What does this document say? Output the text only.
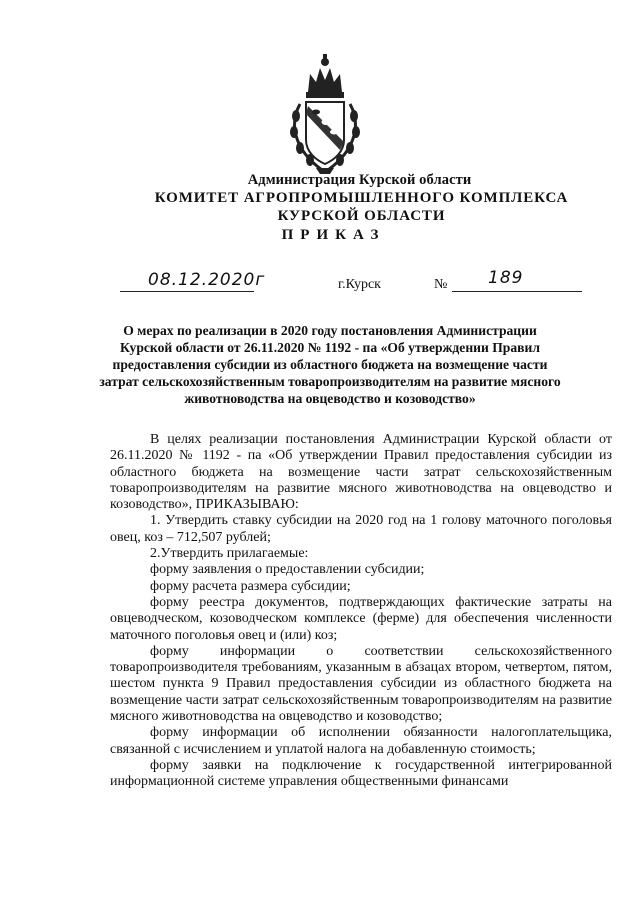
Администрация Курской области
КОМИТЕТ АГРОПРОМЫШЛЕННОГО КОМПЛЕКСА
КУРСКОЙ ОБЛАСТИ
ПРИКАЗ
08.12.2020г	г.Курск	№ 189
О мерах по реализации в 2020 году постановления Администрации Курской области от 26.11.2020 № 1192 - па «Об утверждении Правил предоставления субсидии из областного бюджета на возмещение части затрат сельскохозяйственным товаропроизводителям на развитие мясного животноводства на овцеводство и козоводство»

В целях реализации постановления Администрации Курской области от 26.11.2020 № 1192 - па «Об утверждении Правил предоставления субсидии из областного бюджета на возмещение части затрат сельскохозяйственным товаропроизводителям на развитие мясного животноводства на овцеводство и козоводство», ПРИКАЗЫВАЮ:

1. Утвердить ставку субсидии на 2020 год на 1 голову маточного поголовья овец, коз – 712,507 рублей;

2.Утвердить прилагаемые:

форму заявления о предоставлении субсидии;

форму расчета размера субсидии;

форму реестра документов, подтверждающих фактические затраты на овцеводческом, козоводческом комплексе (ферме) для обеспечения численности маточного поголовья овец и (или) коз;

форму информации о соответствии сельскохозяйственного товаропроизводителя требованиям, указанным в абзацах втором, четвертом, пятом, шестом пункта 9 Правил предоставления субсидии из областного бюджета на возмещение части затрат сельскохозяйственным товаропроизводителям на развитие мясного животноводства на овцеводство и козоводство;

форму информации об исполнении обязанности налогоплательщика, связанной с исчислением и уплатой налога на добавленную стоимость;

форму заявки на подключение к государственной интегрированной информационной системе управления общественными финансами
